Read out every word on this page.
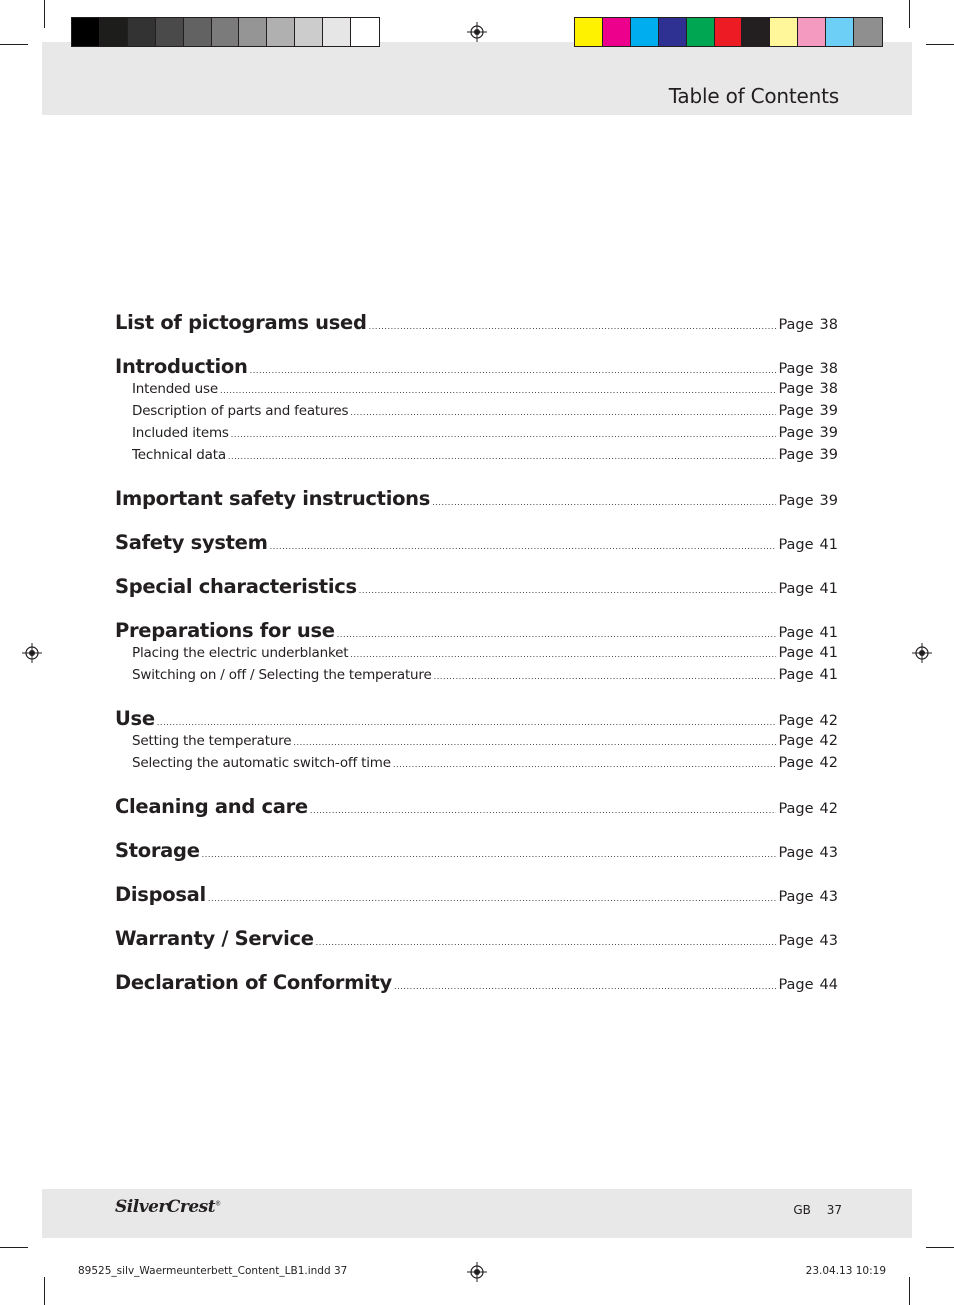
Table of Contents
List of pictograms used .....	Page 38
Introduction .....	Page 38
Intended use .....	Page 38
Description of parts and features .....	Page 39
Included items .....	Page 39
Technical data .....	Page 39
Important safety instructions .....	Page 39
Safety system .....	Page 41
Special characteristics .....	Page 41
Preparations for use .....	Page 41
Placing the electric underblanket .....	Page 41
Switching on / off / Selecting the temperature .....	Page 41
Use .....	Page 42
Setting the temperature .....	Page 42
Selecting the automatic switch-off time .....	Page 42
Cleaning and care .....	Page 42
Storage .....	Page 43
Disposal .....	Page 43
Warranty / Service .....	Page 43
Declaration of Conformity .....	Page 44
SilverCrest®	GB 37
89525_silv_Waermeunterbett_Content_LB1.indd 37	23.04.13 10:19
